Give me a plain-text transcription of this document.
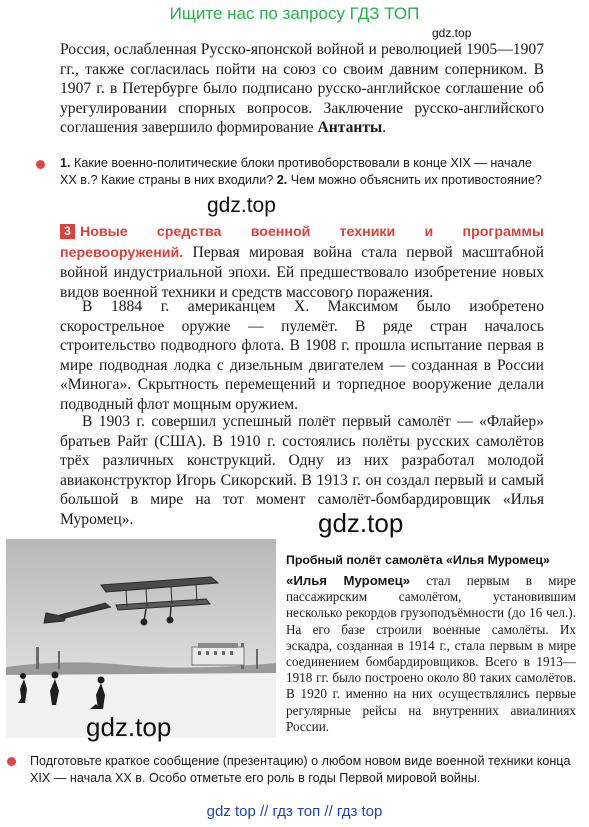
Ищите нас по запросу ГДЗ ТОП
gdz.top
Россия, ослабленная Русско-японской войной и революцией 1905—1907 гг., также согласилась пойти на союз со своим давним соперником. В 1907 г. в Петербурге было подписано русско-английское соглашение об урегулировании спорных вопросов. Заключение русско-английского соглашения завершило формирование Антанты.
1. Какие военно-политические блоки противоборствовали в конце XIX — начале XX в.? Какие страны в них входили? 2. Чем можно объяснить их противостояние?
gdz.top
3 Новые средства военной техники и программы перевооружений. Первая мировая война стала первой масштабной войной индустриальной эпохи. Ей предшествовало изобретение новых видов военной техники и средств массового поражения.
В 1884 г. американцем Х. Ма́ксимом было изобретено скорострельное оружие — пулемёт. В ряде стран началось строительство подводного флота. В 1908 г. прошла испытание первая в мире подводная лодка с дизельным двигателем — созданная в России «Минога». Скрытность перемещений и торпедное вооружение делали подводный флот мощным оружием.
В 1903 г. совершил успешный полёт первый самолёт — «Флайер» братьев Райт (США). В 1910 г. состоялись полёты русских самолётов трёх различных конструкций. Одну из них разработал молодой авиаконструктор Игорь Сикорский. В 1913 г. он создал первый и самый большой в мире на тот момент самолёт-бомбардировщик «Илья Муромец».	gdz.top
gdz.top
Пробный полёт самолёта «Илья Муромец»
«Илья Муромец» стал первым в мире пассажирским самолётом, установившим несколько рекордов грузоподъёмности (до 16 чел.). На его базе строили военные самолёты. Их эскадра, созданная в 1914 г., стала первым в мире соединением бомбардировщиков. Всего в 1913—1918 гг. было построено около 80 таких самолётов. В 1920 г. именно на них осуществлялись первые регулярные рейсы на внутренних авиалиниях России.
Подготовьте краткое сообщение (презентацию) о любом новом виде военной техники конца XIX — начала XX в. Особо отметьте его роль в годы Первой мировой войны.
gdz top // гдз топ // гдз top
